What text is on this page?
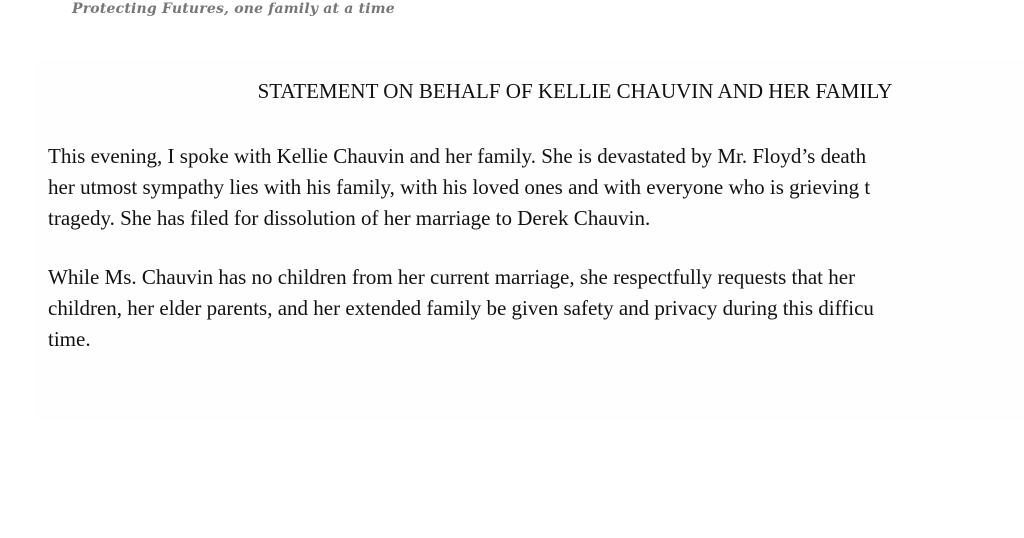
Protecting Futures, one family at a time
STATEMENT ON BEHALF OF KELLIE CHAUVIN AND HER FAMILY
This evening, I spoke with Kellie Chauvin and her family. She is devastated by Mr. Floyd’s death
her utmost sympathy lies with his family, with his loved ones and with everyone who is grieving t
tragedy. She has filed for dissolution of her marriage to Derek Chauvin.
While Ms. Chauvin has no children from her current marriage, she respectfully requests that her
children, her elder parents, and her extended family be given safety and privacy during this difficu
time.
